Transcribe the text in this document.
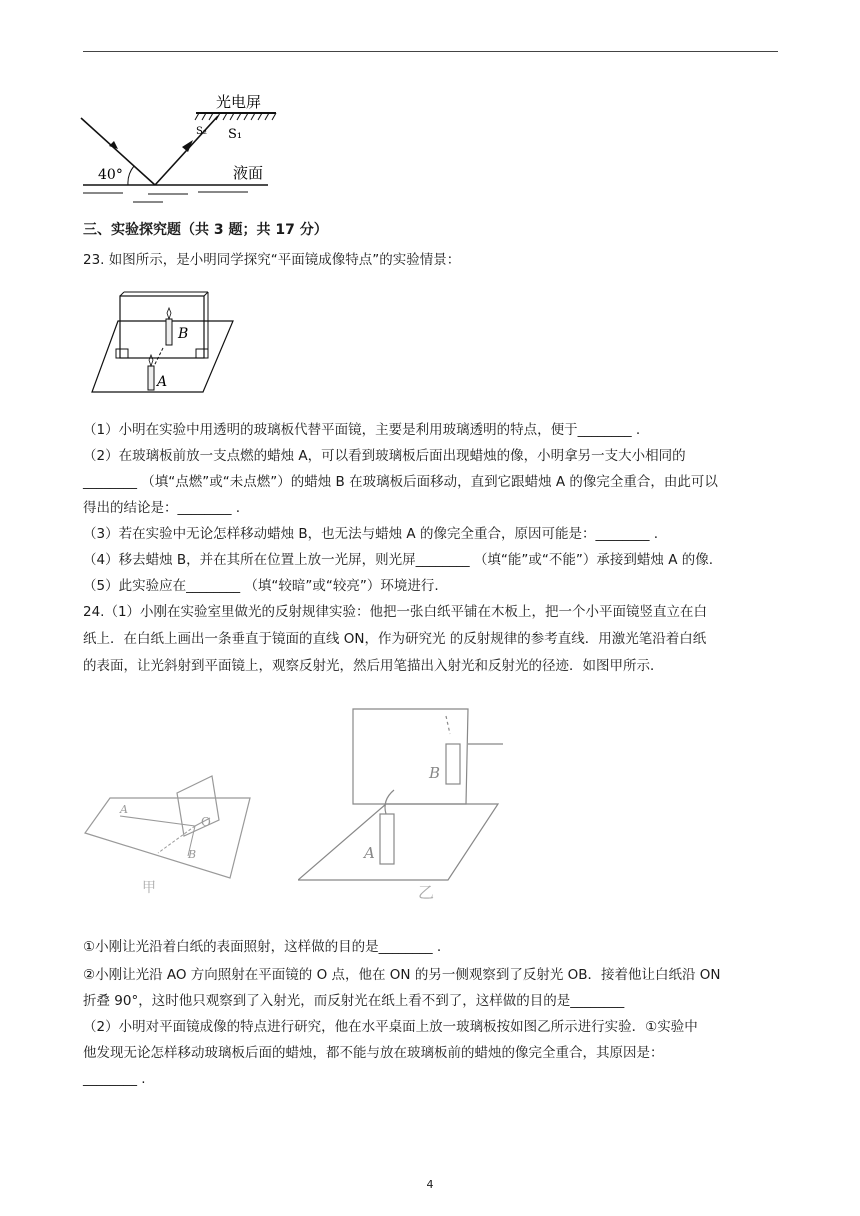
光电屏
S₂ S₁
40°	液面
三、实验探究题（共 3 题；共 17 分）
23. 如图所示，是小明同学探究“平面镜成像特点”的实验情景：
B
A
（1）小明在实验中用透明的玻璃板代替平面镜，主要是利用玻璃透明的特点，便于________ .
（2）在玻璃板前放一支点燃的蜡烛 A，可以看到玻璃板后面出现蜡烛的像，小明拿另一支大小相同的
________ （填“点燃”或“未点燃”）的蜡烛 B 在玻璃板后面移动，直到它跟蜡烛 A 的像完全重合，由此可以
得出的结论是：________ .
（3）若在实验中无论怎样移动蜡烛 B，也无法与蜡烛 A 的像完全重合，原因可能是：________ .
（4）移去蜡烛 B，并在其所在位置上放一光屏，则光屏________ （填“能”或“不能”）承接到蜡烛 A 的像.
（5）此实验应在________ （填“较暗”或“较亮”）环境进行.
24.（1）小刚在实验室里做光的反射规律实验：他把一张白纸平铺在木板上，把一个小平面镜竖直立在白
纸上．在白纸上画出一条垂直于镜面的直线 ON，作为研究光 的反射规律的参考直线．用激光笔沿着白纸
的表面，让光斜射到平面镜上，观察反射光，然后用笔描出入射光和反射光的径迹．如图甲所示．
A
O
B
甲
B
A
乙
①小刚让光沿着白纸的表面照射，这样做的目的是________ .
②小刚让光沿 AO 方向照射在平面镜的 O 点，他在 ON 的另一侧观察到了反射光 OB．接着他让白纸沿 ON
折叠 90°，这时他只观察到了入射光，而反射光在纸上看不到了，这样做的目的是________
（2）小明对平面镜成像的特点进行研究，他在水平桌面上放一玻璃板按如图乙所示进行实验．①实验中
他发现无论怎样移动玻璃板后面的蜡烛，都不能与放在玻璃板前的蜡烛的像完全重合，其原因是：
________ .
4
